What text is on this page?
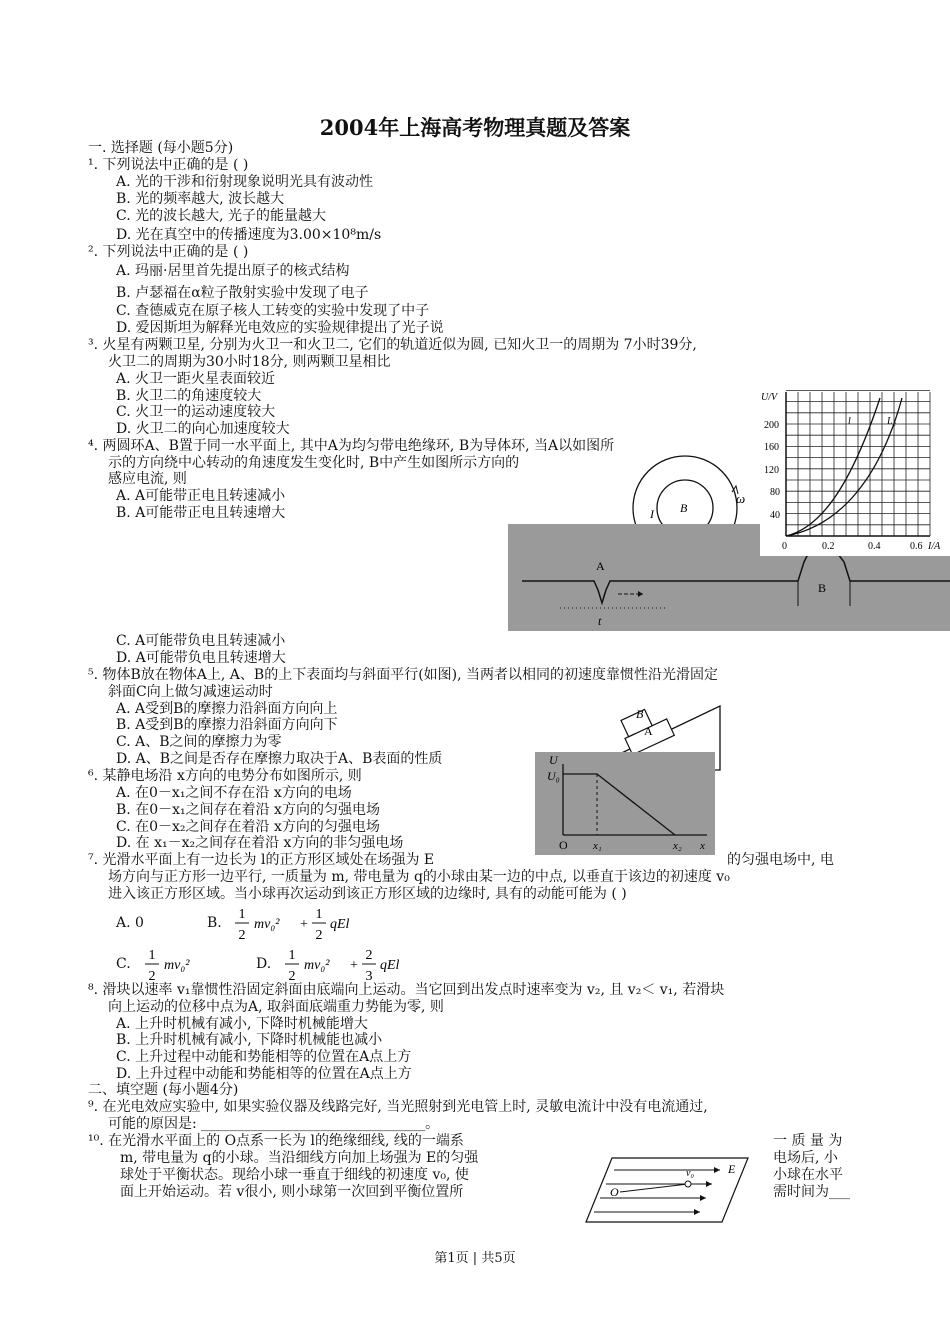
2004年上海高考物理真题及答案
一. 选择题 (每小题5分)
¹. 下列说法中正确的是 ( )
A. 光的干涉和衍射现象说明光具有波动性
B. 光的频率越大, 波长越大
C. 光的波长越大, 光子的能量越大
D. 光在真空中的传播速度为3.00×10⁸m/s
². 下列说法中正确的是 ( )
A. 玛丽·居里首先提出原子的核式结构
B. 卢瑟福在α粒子散射实验中发现了电子
C. 查德威克在原子核人工转变的实验中发现了中子
D. 爱因斯坦为解释光电效应的实验规律提出了光子说
³. 火星有两颗卫星, 分别为火卫一和火卫二, 它们的轨道近似为圆, 已知火卫一的周期为 7小时39分,
火卫二的周期为30小时18分, 则两颗卫星相比
A. 火卫一距火星表面较近
B. 火卫二的角速度较大
C. 火卫一的运动速度较大
D. 火卫二的向心加速度较大
⁴. 两圆环A、B置于同一水平面上, 其中A为均匀带电绝缘环, B为导体环, 当A以如图所
示的方向绕中心转动的角速度发生变化时, B中产生如图所示方向的
感应电流, 则
A. A可能带正电且转速减小
B. A可能带正电且转速增大
C. A可能带负电且转速减小
D. A可能带负电且转速增大
⁵. 物体B放在物体A上, A、B的上下表面均与斜面平行(如图), 当两者以相同的初速度靠惯性沿光滑固定
斜面C向上做匀减速运动时
A. A受到B的摩擦力沿斜面方向向上
B. A受到B的摩擦力沿斜面方向向下
C. A、B之间的摩擦力为零
D. A、B之间是否存在摩擦力取决于A、B表面的性质
⁶. 某静电场沿 x方向的电势分布如图所示, 则
A. 在0－x₁之间不存在沿 x方向的电场
B. 在0－x₁之间存在着沿 x方向的匀强电场
C. 在0－x₂之间存在着沿 x方向的匀强电场
D. 在 x₁－x₂之间存在着沿 x方向的非匀强电场
⁷. 光滑水平面上有一边长为 l的正方形区域处在场强为 E	的匀强电场中, 电
场方向与正方形一边平行, 一质量为 m, 带电量为 q的小球由某一边的中点, 以垂直于该边的初速度 v₀
进入该正方形区域。当小球再次运动到该正方形区域的边缘时, 具有的动能可能为 ( )
A. 0	B.
C.	D.
⁸. 滑块以速率 v₁靠惯性沿固定斜面由底端向上运动。当它回到出发点时速率变为 v₂, 且 v₂＜ v₁, 若滑块
向上运动的位移中点为A, 取斜面底端重力势能为零, 则
A. 上升时机械有减小, 下降时机械能增大
B. 上升时机械有减小, 下降时机械能也减小
C. 上升过程中动能和势能相等的位置在A点上方
D. 上升过程中动能和势能相等的位置在A点上方
二、填空题 (每小题4分)
⁹. 在光电效应实验中, 如果实验仪器及线路完好, 当光照射到光电管上时, 灵敏电流计中没有电流通过,
可能的原因是: ________________________________。
¹⁰. 在光滑水平面上的 O点系一长为 l的绝缘细线, 线的一端系	一 质 量 为
m, 带电量为 q的小球。当沿细线方向加上场强为 E的匀强	电场后, 小
球处于平衡状态。现给小球一垂直于细线的初速度 v₀, 使	小球在水平
面上开始运动。若 v很小, 则小球第一次回到平衡位置所	需时间为___
1
2
mv₀² +
1
2
qEl
1
2
mv₀²
1
2
mv₀² +
2
3
qEl
B
I
ω
A
B
t
U/V
I/A
l	L₂
200
160
120
80
40
0	0.2	0.4	0.6
B
A
U
U₀
O x₁	x₂ x
E
v₀
O
第1页 | 共5页
